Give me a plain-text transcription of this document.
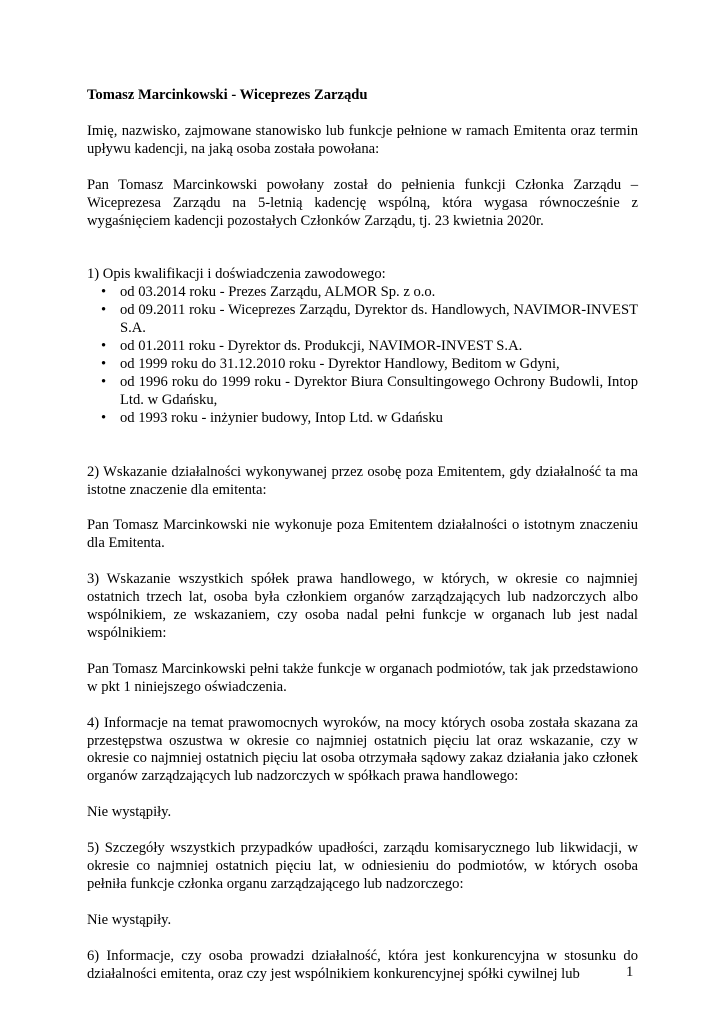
Tomasz Marcinkowski - Wiceprezes Zarządu

Imię, nazwisko, zajmowane stanowisko lub funkcje pełnione w ramach Emitenta oraz termin upływu kadencji, na jaką osoba została powołana:

Pan Tomasz Marcinkowski powołany został do pełnienia funkcji Członka Zarządu – Wiceprezesa Zarządu na 5-letnią kadencję wspólną, która wygasa równocześnie z wygaśnięciem kadencji pozostałych Członków Zarządu, tj. 23 kwietnia 2020r.

1) Opis kwalifikacji i doświadczenia zawodowego:

• od 03.2014 roku - Prezes Zarządu, ALMOR Sp. z o.o.
• od 09.2011 roku - Wiceprezes Zarządu, Dyrektor ds. Handlowych, NAVIMOR-INVEST S.A.
• od 01.2011 roku - Dyrektor ds. Produkcji, NAVIMOR-INVEST S.A.
• od 1999 roku do 31.12.2010 roku - Dyrektor Handlowy, Beditom w Gdyni,
• od 1996 roku do 1999 roku - Dyrektor Biura Consultingowego Ochrony Budowli, Intop Ltd. w Gdańsku,
• od 1993 roku - inżynier budowy, Intop Ltd. w Gdańsku

2) Wskazanie działalności wykonywanej przez osobę poza Emitentem, gdy działalność ta ma istotne znaczenie dla emitenta:

Pan Tomasz Marcinkowski nie wykonuje poza Emitentem działalności o istotnym znaczeniu dla Emitenta.

3) Wskazanie wszystkich spółek prawa handlowego, w których, w okresie co najmniej ostatnich trzech lat, osoba była członkiem organów zarządzających lub nadzorczych albo wspólnikiem, ze wskazaniem, czy osoba nadal pełni funkcje w organach lub jest nadal wspólnikiem:

Pan Tomasz Marcinkowski pełni także funkcje w organach podmiotów, tak jak przedstawiono w pkt 1 niniejszego oświadczenia.

4) Informacje na temat prawomocnych wyroków, na mocy których osoba została skazana za przestępstwa oszustwa w okresie co najmniej ostatnich pięciu lat oraz wskazanie, czy w okresie co najmniej ostatnich pięciu lat osoba otrzymała sądowy zakaz działania jako członek organów zarządzających lub nadzorczych w spółkach prawa handlowego:

Nie wystąpiły.

5) Szczegóły wszystkich przypadków upadłości, zarządu komisarycznego lub likwidacji, w okresie co najmniej ostatnich pięciu lat, w odniesieniu do podmiotów, w których osoba pełniła funkcje członka organu zarządzającego lub nadzorczego:

Nie wystąpiły.

6) Informacje, czy osoba prowadzi działalność, która jest konkurencyjna w stosunku do działalności emitenta, oraz czy jest wspólnikiem konkurencyjnej spółki cywilnej lub	1
